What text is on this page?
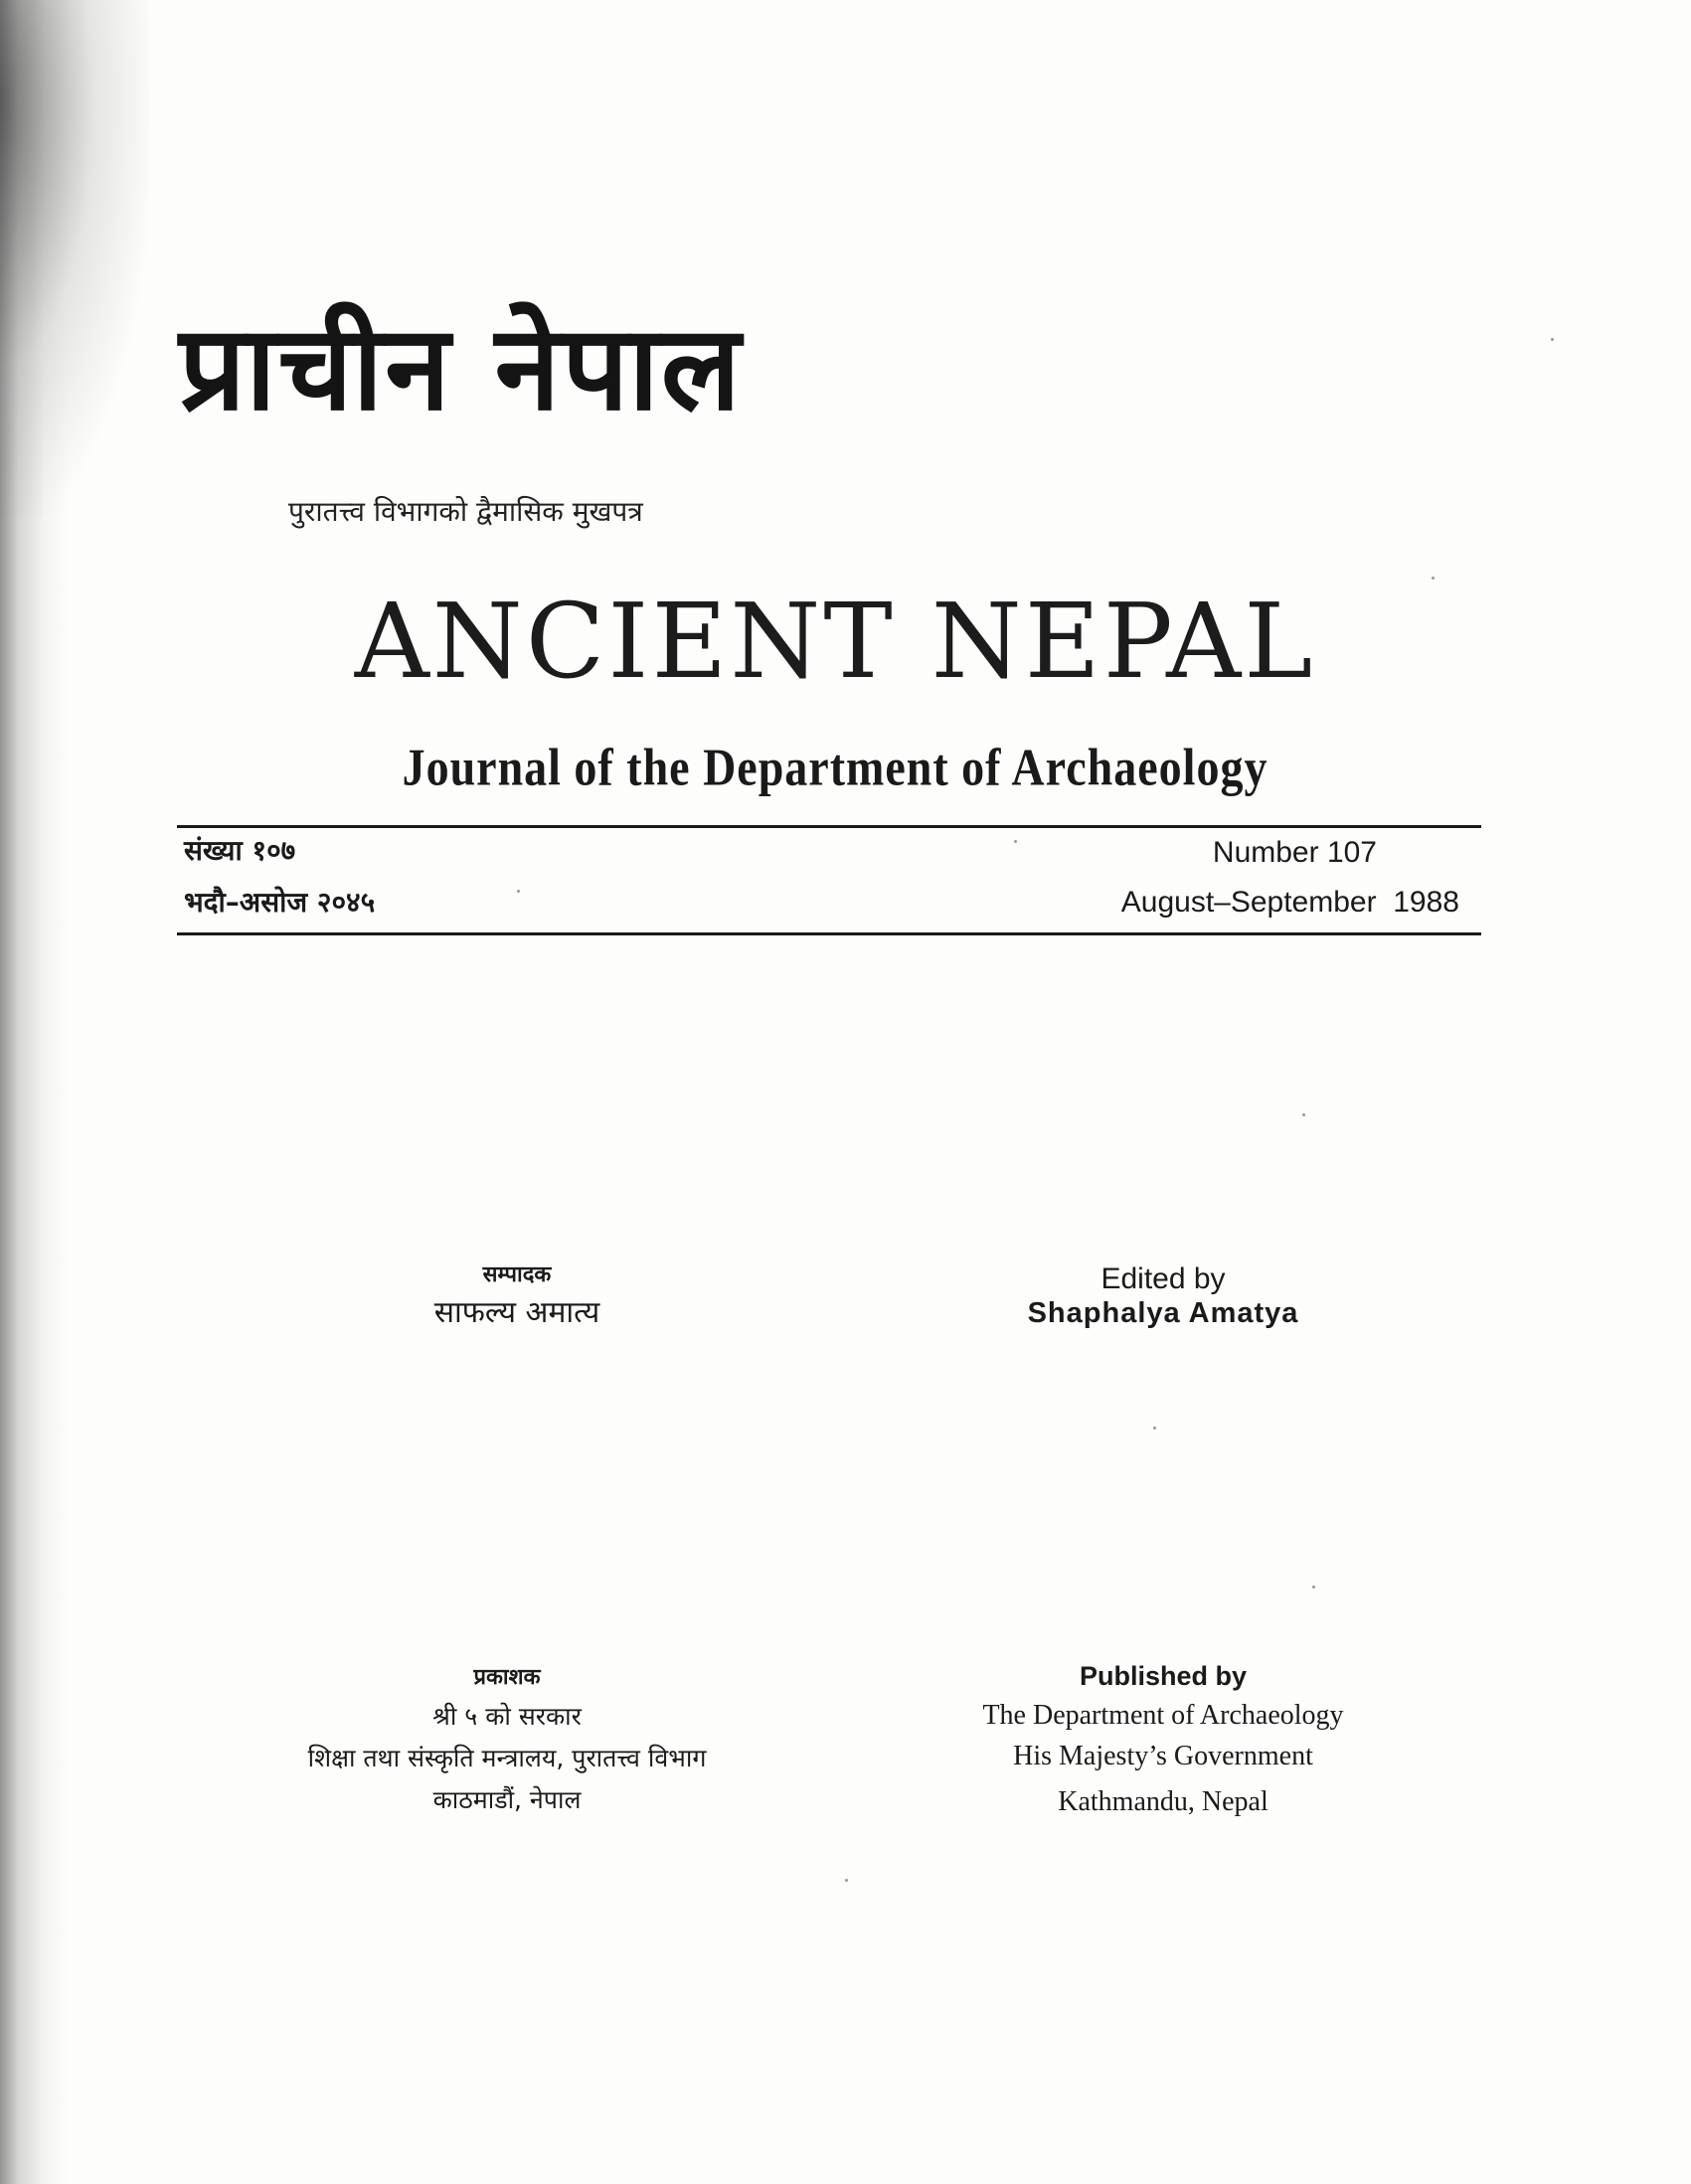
प्राचीन नेपाल
पुरातत्त्व विभागको द्वैमासिक मुखपत्र
ANCIENT NEPAL
Journal of the Department of Archaeology
संख्या १०७
भदौ–असोज २०४५
Number 107
August–September  1988
सम्पादक
साफल्य अमात्य
Edited by
Shaphalya Amatya
प्रकाशक
श्री ५ को सरकार
शिक्षा तथा संस्कृति मन्त्रालय, पुरातत्त्व विभाग
काठमाडौं, नेपाल
Published by
The Department of Archaeology
His Majesty’s Government
Kathmandu, Nepal
